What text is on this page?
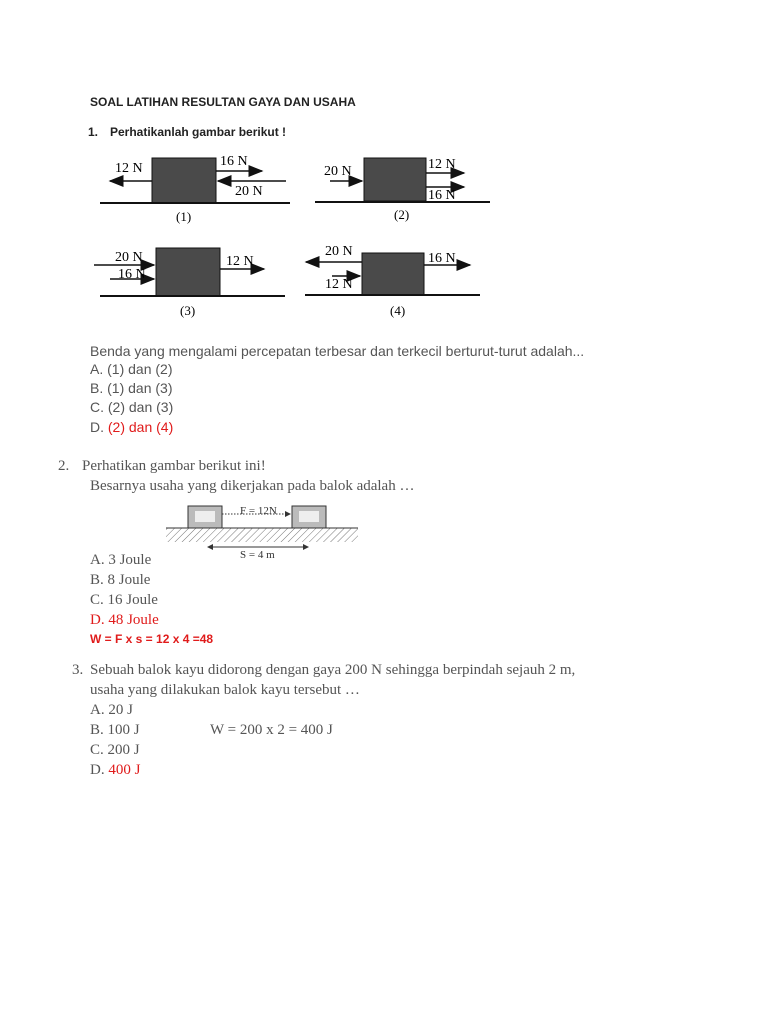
SOAL LATIHAN RESULTAN GAYA DAN USAHA
1. Perhatikanlah gambar berikut !
12 N	16 N
20 N
(1)
20 N	12 N
16 N
(2)
20 N
16 N
12 N
(3)
20 N
12 N
16 N
(4)
Benda yang mengalami percepatan terbesar dan terkecil berturut-turut adalah...
A. (1) dan (2)
B. (1) dan (3)
C. (2) dan (3)
D. (2) dan (4)
2. Perhatikan gambar berikut ini!
Besarnya usaha yang dikerjakan pada balok adalah …
F = 12N
S = 4 m
A. 3 Joule
B. 8 Joule
C. 16 Joule
D. 48 Joule
W = F x s = 12 x 4 =48
3. Sebuah balok kayu didorong dengan gaya 200 N sehingga berpindah sejauh 2 m,
usaha yang dilakukan balok kayu tersebut …
A. 20 J
B. 100 J	W = 200 x 2 = 400 J
C. 200 J
D. 400 J
